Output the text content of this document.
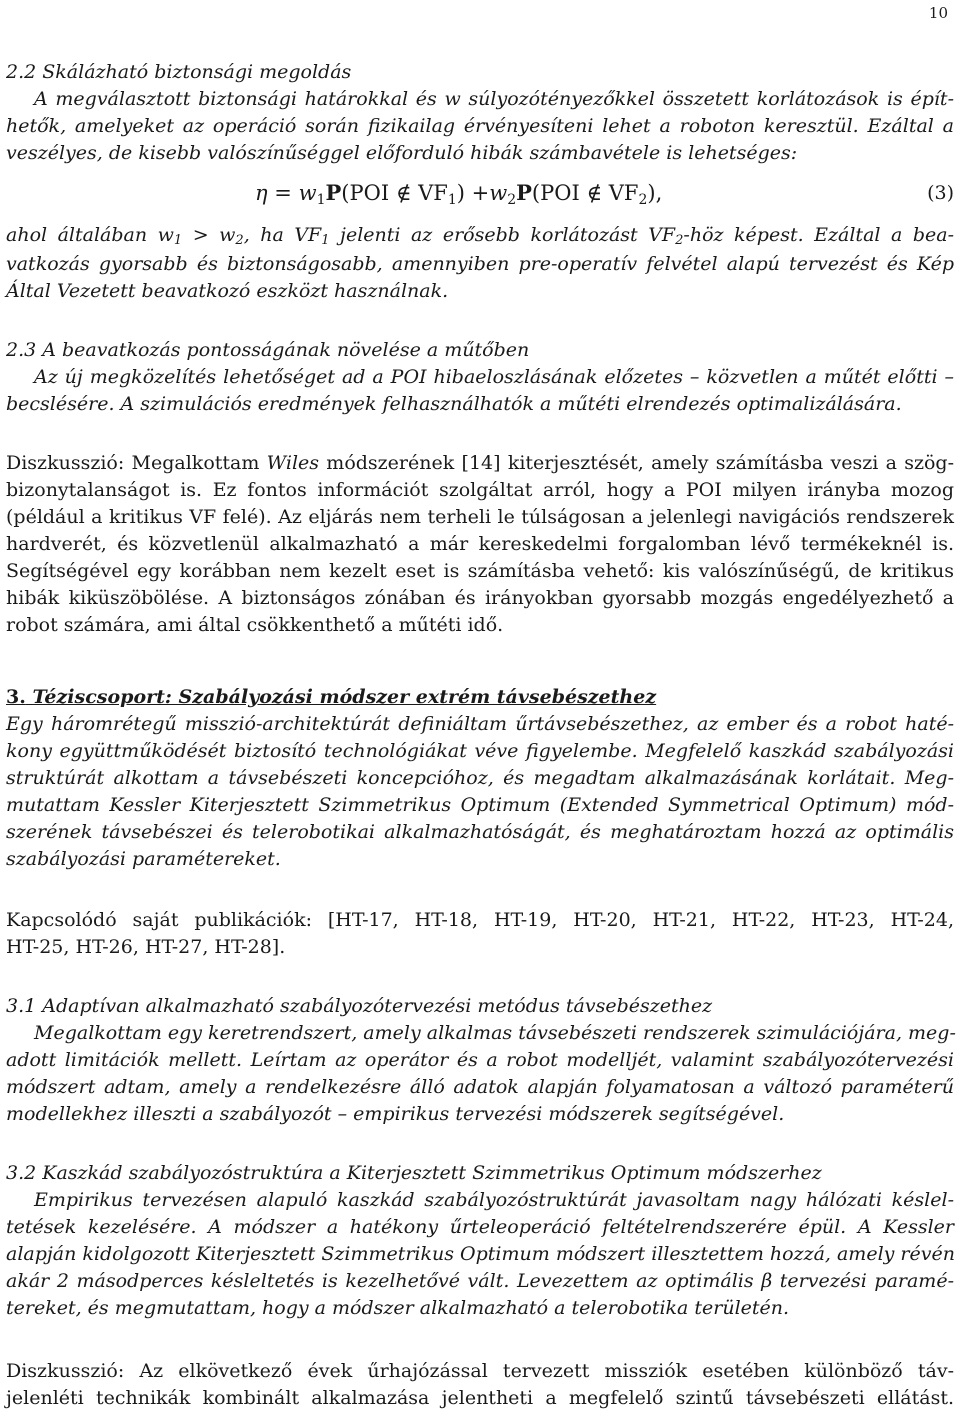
10

2.2 Skálázható biztonsági megoldás

A megválasztott biztonsági határokkal és w súlyozótényezőkkel összetett korlátozások is épít-

hetők, amelyeket az operáció során fizikailag érvényesíteni lehet a roboton keresztül. Ezáltal a

veszélyes, de kisebb valószínűséggel előforduló hibák számbavétele is lehetséges:

$\eta = w_1P(POI$ ∉ $VF_1) +w_2P(POI$ ∉ $VF_2$),	(3)

ahol általában $w_1 > w_2$, ha $VF_1$ jelenti az erősebb korlátozást $VF_2$-höz képest. Ezáltal a bea-

vatkozás gyorsabb és biztonságosabb, amennyiben pre-operatív felvétel alapú tervezést és Kép

Által Vezetett beavatkozó eszközt használnak.

2.3 A beavatkozás pontosságának növelése a műtőben

Az új megközelítés lehetőséget ad a POI hibaeloszlásának előzetes – közvetlen a műtét előtti –

becslésére. A szimulációs eredmények felhasználhatók a műtéti elrendezés optimalizálására.

Diszkusszió: Megalkottam Wiles módszerének [14] kiterjesztését, amely számításba veszi a szög-

bizonytalanságot is. Ez fontos információt szolgáltat arról, hogy a POI milyen irányba mozog

(például a kritikus VF felé). Az eljárás nem terheli le túlságosan a jelenlegi navigációs rendszerek

hardverét, és közvetlenül alkalmazható a már kereskedelmi forgalomban lévő termékeknél is.

Segítségével egy korábban nem kezelt eset is számításba vehető: kis valószínűségű, de kritikus

hibák kiküszöbölése. A biztonságos zónában és irányokban gyorsabb mozgás engedélyezhető a

robot számára, ami által csökkenthető a műtéti idő.

3. Téziscsoport: Szabályozási módszer extrém távsebészethez

Egy háromrétegű misszió-architektúrát definiáltam űrtávsebészethez, az ember és a robot haté-

kony együttműködését biztosító technológiákat véve figyelembe. Megfelelő kaszkád szabályozási

struktúrát alkottam a távsebészeti koncepcióhoz, és megadtam alkalmazásának korlátait. Meg-

mutattam Kessler Kiterjesztett Szimmetrikus Optimum (Extended Symmetrical Optimum) mód-

szerének távsebészei és telerobotikai alkalmazhatóságát, és meghatároztam hozzá az optimális

szabályozási paramétereket.

Kapcsolódó saját publikációk: [HT-17, HT-18, HT-19, HT-20, HT-21, HT-22, HT-23, HT-24,

HT-25, HT-26, HT-27, HT-28].

3.1 Adaptívan alkalmazható szabályozótervezési metódus távsebészethez

Megalkottam egy keretrendszert, amely alkalmas távsebészeti rendszerek szimulációjára, meg-

adott limitációk mellett. Leírtam az operátor és a robot modelljét, valamint szabályozótervezési

módszert adtam, amely a rendelkezésre álló adatok alapján folyamatosan a változó paraméterű

modellekhez illeszti a szabályozót – empirikus tervezési módszerek segítségével.

3.2 Kaszkád szabályozóstruktúra a Kiterjesztett Szimmetrikus Optimum módszerhez

Empirikus tervezésen alapuló kaszkád szabályozóstruktúrát javasoltam nagy hálózati késlel-

tetések kezelésére. A módszer a hatékony űrteleoperáció feltételrendszerére épül. A Kessler

alapján kidolgozott Kiterjesztett Szimmetrikus Optimum módszert illesztettem hozzá, amely révén

akár 2 másodperces késleltetés is kezelhetővé vált. Levezettem az optimális β tervezési paramé-

tereket, és megmutattam, hogy a módszer alkalmazható a telerobotika területén.

Diszkusszió: Az elkövetkező évek űrhajózással tervezett missziók esetében különböző táv-

jelenléti technikák kombinált alkalmazása jelentheti a megfelelő szintű távsebészeti ellátást.
